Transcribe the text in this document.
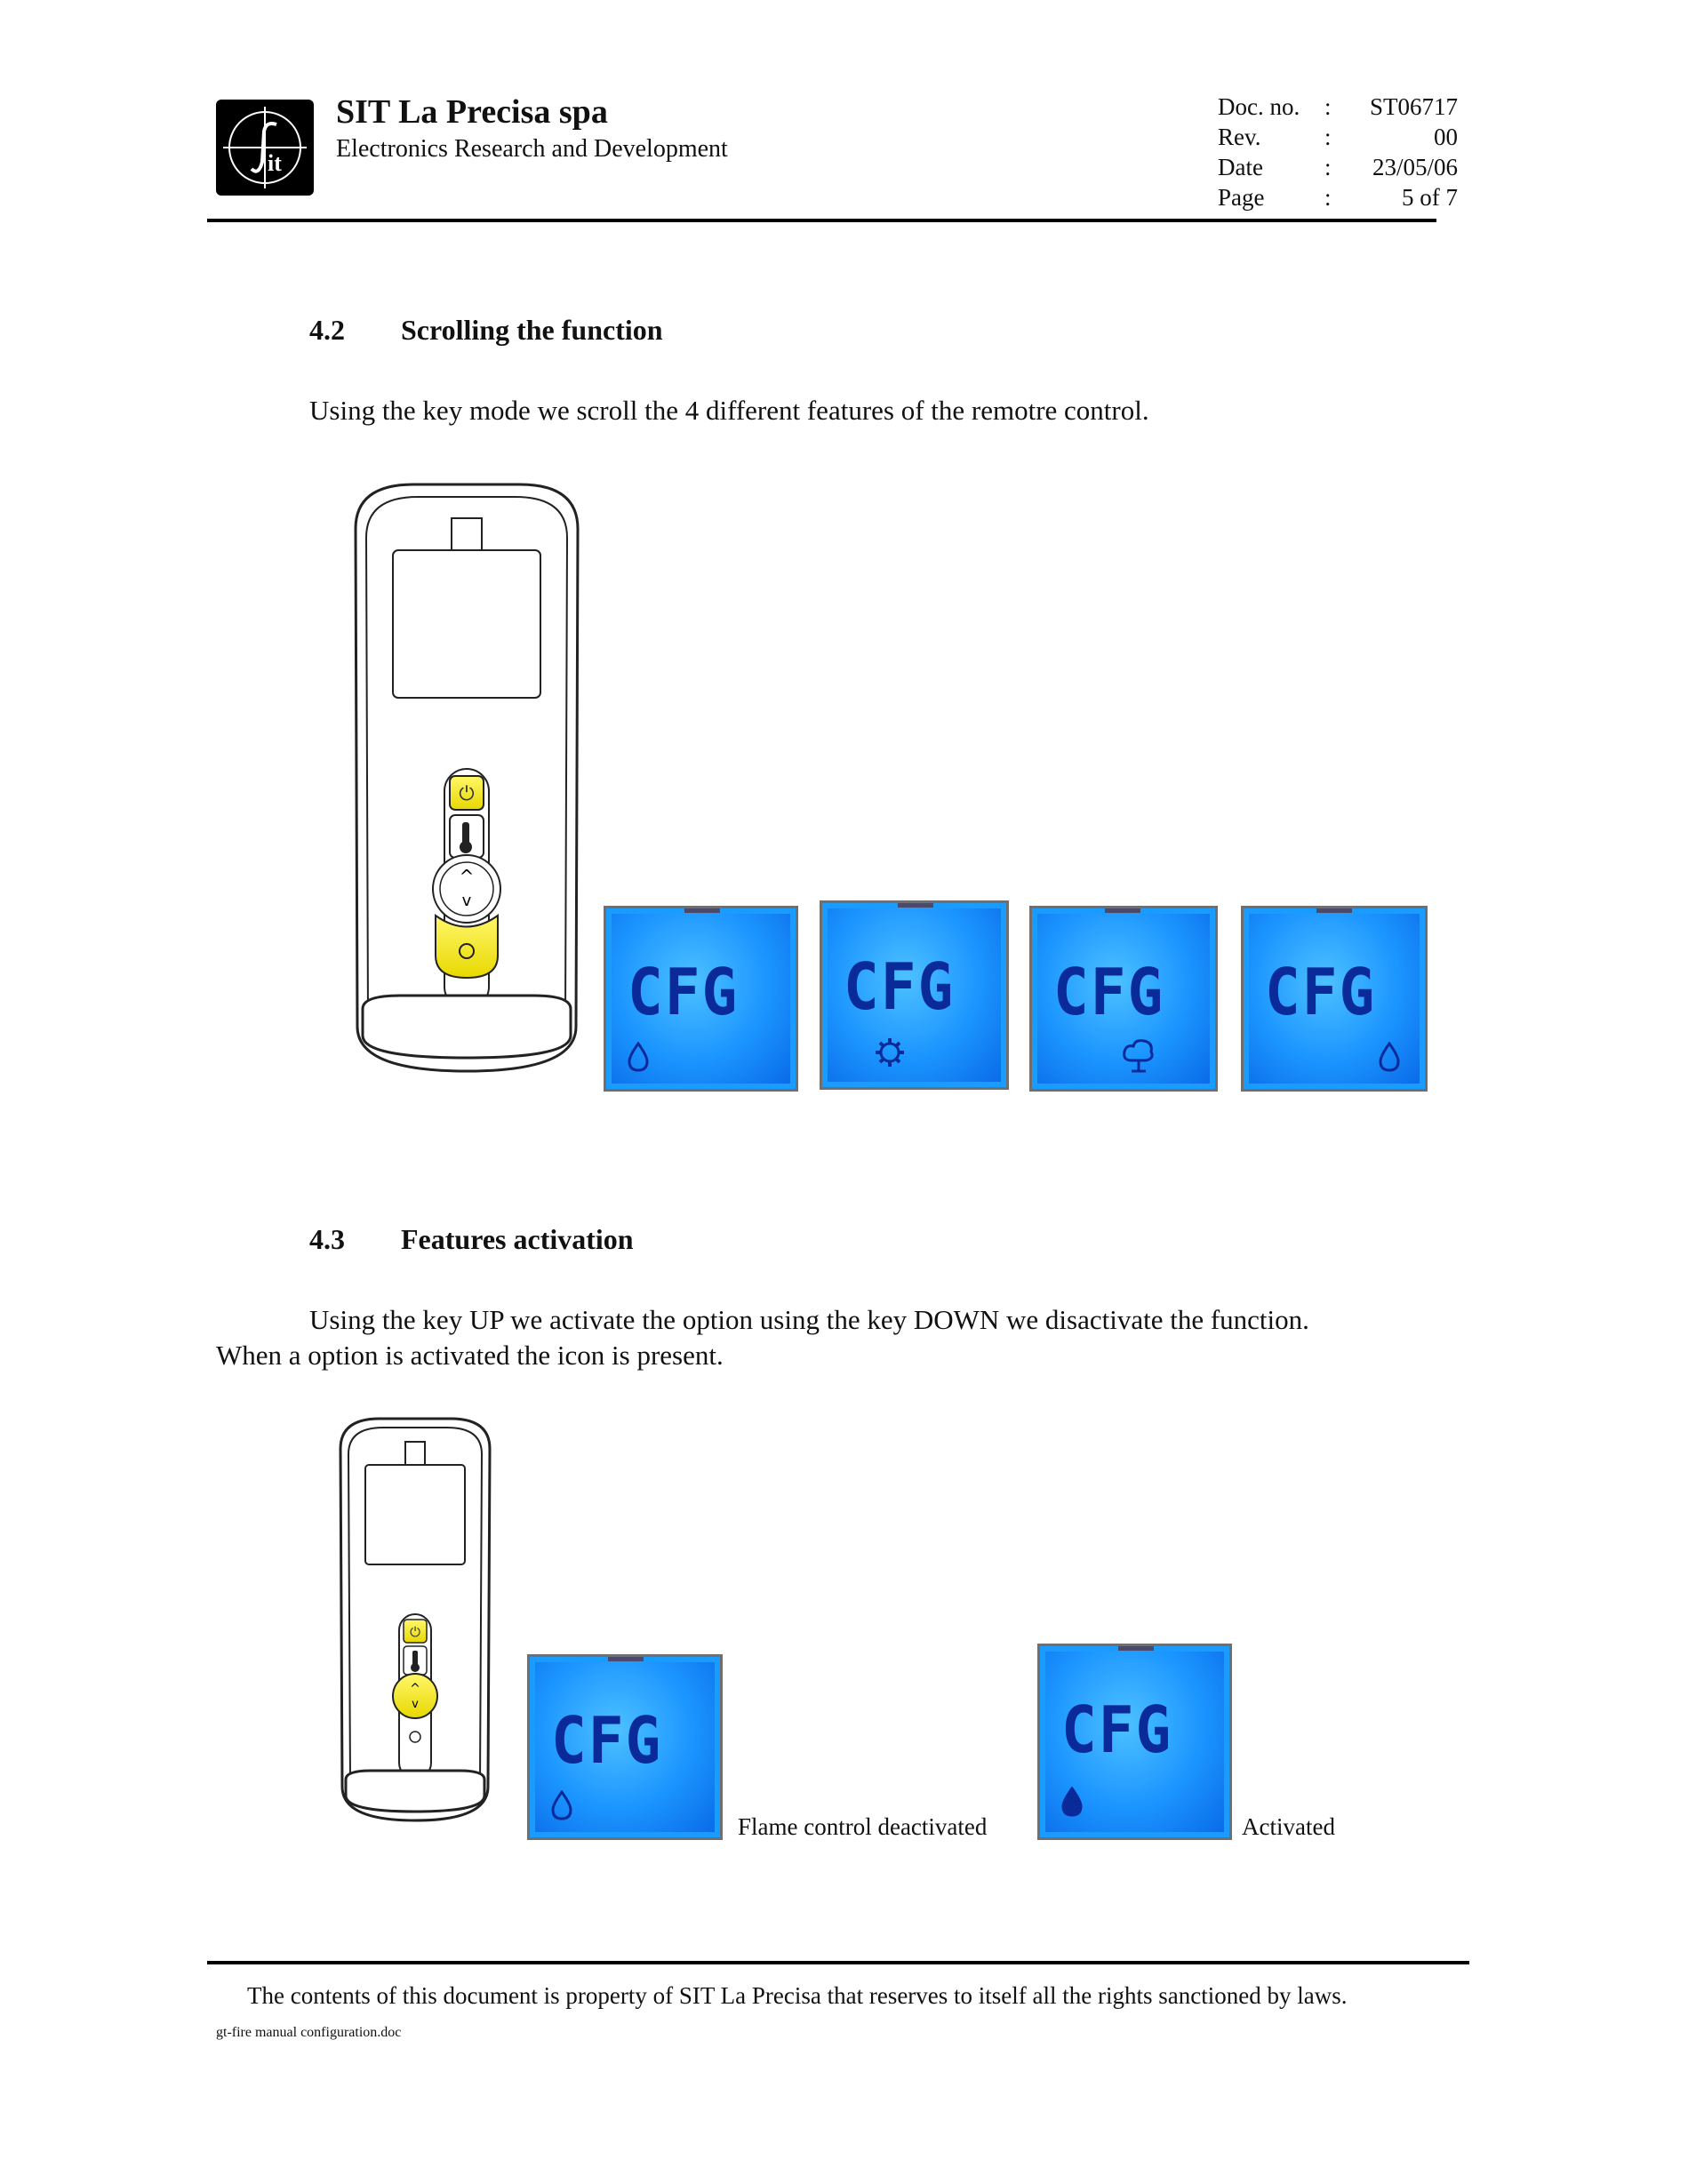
it
SIT La Precisa spa
Electronics Research and Development
Doc. no.	:	ST06717
Rev.	:	00
Date	:	23/05/06
Page	:	5 of 7
4.2 Scrolling the function
Using the key mode we scroll the 4 different features of the remotre control.
⏻
^
v
CFG CFG CFG CFG
4.3 Features activation
Using the key UP we activate the option using the key DOWN we disactivate the function.
When a option is activated the icon is present.
⏻
^
v CFG
Flame control deactivated
CFG
Activated
The contents of this document is property of SIT La Precisa that reserves to itself all the rights sanctioned by laws.
gt-fire manual configuration.doc
